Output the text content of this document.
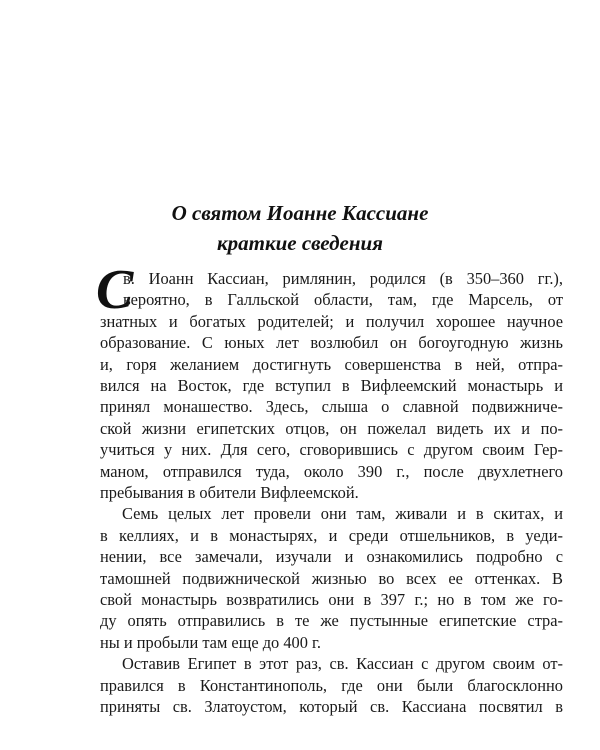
О святом Иоанне Кассиане
краткие сведения
С
в. Иоанн Кассиан, римлянин, родился (в 350–360 гг.),
вероятно, в Галльской области, там, где Марсель, от
знатных и богатых родителей; и получил хорошее научное
образование. С юных лет возлюбил он богоугодную жизнь
и, горя желанием достигнуть совершенства в ней, отпра-
вился на Восток, где вступил в Вифлеемский монастырь и
принял монашество. Здесь, слыша о славной подвижниче-
ской жизни египетских отцов, он пожелал видеть их и по-
учиться у них. Для сего, сговорившись с другом своим Гер-
маном, отправился туда, около 390 г., после двухлетнего
пребывания в обители Вифлеемской.
Семь целых лет провели они там, живали и в скитах, и
в келлиях, и в монастырях, и среди отшельников, в уеди-
нении, все замечали, изучали и ознакомились подробно с
тамошней подвижнической жизнью во всех ее оттенках. В
свой монастырь возвратились они в 397 г.; но в том же го-
ду опять отправились в те же пустынные египетские стра-
ны и пробыли там еще до 400 г.
Оставив Египет в этот раз, св. Кассиан с другом своим от-
правился в Константинополь, где они были благосклонно
приняты св. Златоустом, который св. Кассиана посвятил в
